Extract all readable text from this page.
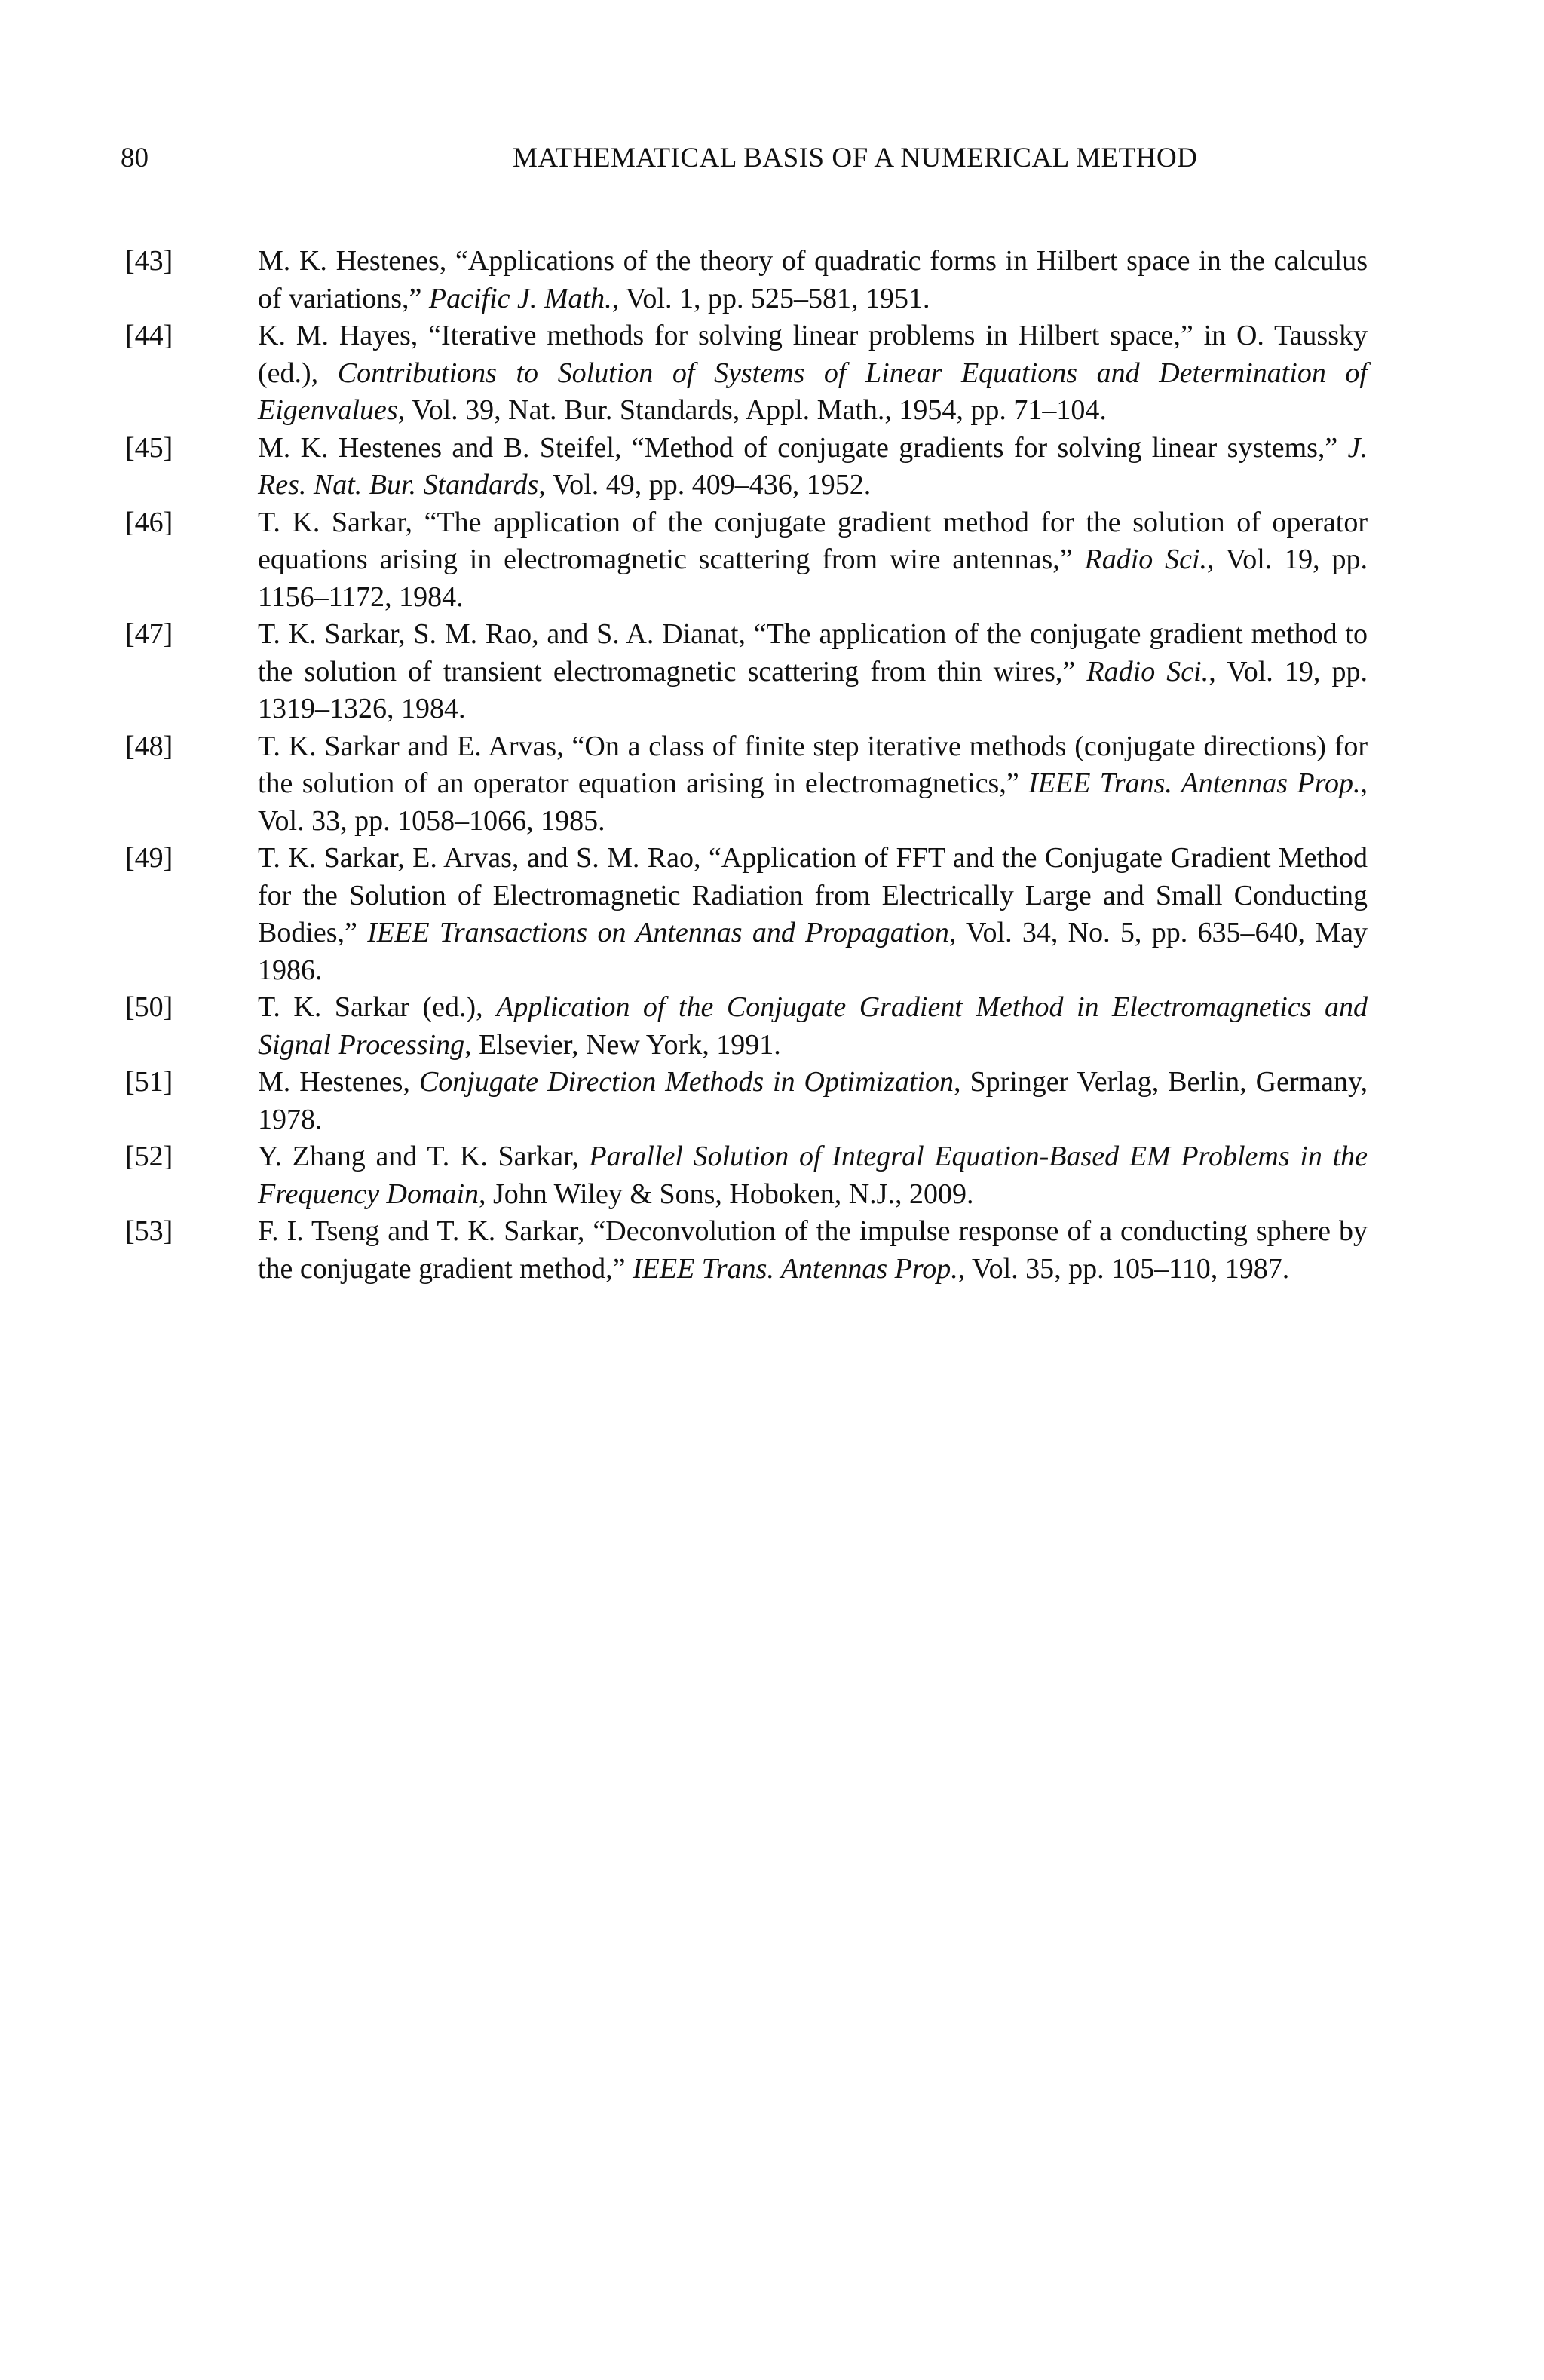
80	MATHEMATICAL BASIS OF A NUMERICAL METHOD
[43]	M. K. Hestenes, “Applications of the theory of quadratic forms in Hilbert space in the calculus of variations,” Pacific J. Math., Vol. 1, pp. 525–581, 1951.
[44]	K. M. Hayes, “Iterative methods for solving linear problems in Hilbert space,” in O. Taussky (ed.), Contributions to Solution of Systems of Linear Equations and Determination of Eigenvalues, Vol. 39, Nat. Bur. Standards, Appl. Math., 1954, pp. 71–104.
[45]	M. K. Hestenes and B. Steifel, “Method of conjugate gradients for solving linear systems,” J. Res. Nat. Bur. Standards, Vol. 49, pp. 409–436, 1952.
[46]	T. K. Sarkar, “The application of the conjugate gradient method for the solution of operator equations arising in electromagnetic scattering from wire antennas,” Radio Sci., Vol. 19, pp. 1156–1172, 1984.
[47]	T. K. Sarkar, S. M. Rao, and S. A. Dianat, “The application of the conjugate gradient method to the solution of transient electromagnetic scattering from thin wires,” Radio Sci., Vol. 19, pp. 1319–1326, 1984.
[48]	T. K. Sarkar and E. Arvas, “On a class of finite step iterative methods (conjugate directions) for the solution of an operator equation arising in electromagnetics,” IEEE Trans. Antennas Prop., Vol. 33, pp. 1058–1066, 1985.
[49]	T. K. Sarkar, E. Arvas, and S. M. Rao, “Application of FFT and the Conjugate Gradient Method for the Solution of Electromagnetic Radiation from Electrically Large and Small Conducting Bodies,” IEEE Transactions on Antennas and Propagation, Vol. 34, No. 5, pp. 635–640, May 1986.
[50]	T. K. Sarkar (ed.), Application of the Conjugate Gradient Method in Electromagnetics and Signal Processing, Elsevier, New York, 1991.
[51]	M. Hestenes, Conjugate Direction Methods in Optimization, Springer Verlag, Berlin, Germany, 1978.
[52]	Y. Zhang and T. K. Sarkar, Parallel Solution of Integral Equation-Based EM Problems in the Frequency Domain, John Wiley & Sons, Hoboken, N.J., 2009.
[53]	F. I. Tseng and T. K. Sarkar, “Deconvolution of the impulse response of a conducting sphere by the conjugate gradient method,” IEEE Trans. Antennas Prop., Vol. 35, pp. 105–110, 1987.
